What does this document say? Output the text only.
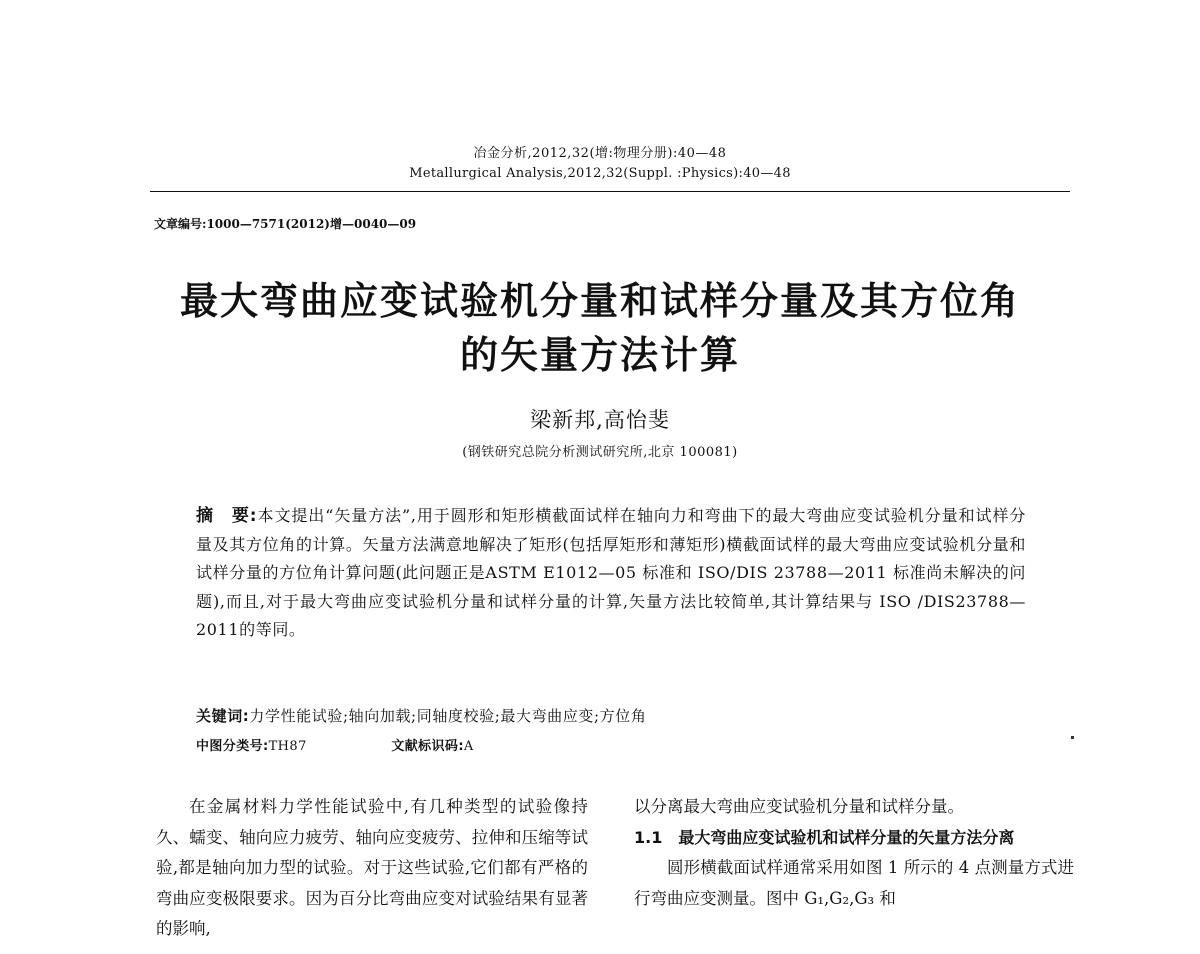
冶金分析,2012,32(增:物理分册):40—48
Metallurgical Analysis,2012,32(Suppl. :Physics):40—48
文章编号:1000—7571(2012)增—0040—09
最大弯曲应变试验机分量和试样分量及其方位角
的矢量方法计算
梁新邦,高怡斐
(钢铁研究总院分析测试研究所,北京 100081)
摘　要:本文提出“矢量方法”,用于圆形和矩形横截面试样在轴向力和弯曲下的最大弯曲应变试验机分量和试样分量及其方位角的计算。矢量方法满意地解决了矩形(包括厚矩形和薄矩形)横截面试样的最大弯曲应变试验机分量和试样分量的方位角计算问题(此问题正是ASTM E1012—05 标准和 ISO/DIS 23788—2011 标准尚未解决的问题),而且,对于最大弯曲应变试验机分量和试样分量的计算,矢量方法比较简单,其计算结果与 ISO /DIS23788—2011的等同。
关键词:力学性能试验;轴向加载;同轴度校验;最大弯曲应变;方位角
中图分类号:TH87	文献标识码:A

在金属材料力学性能试验中,有几种类型的试验像持久、蠕变、轴向应力疲劳、轴向应变疲劳、拉伸和压缩等试验,都是轴向加力型的试验。对于这些试验,它们都有严格的弯曲应变极限要求。因为百分比弯曲应变对试验结果有显著的影响,

以分离最大弯曲应变试验机分量和试样分量。

1.1　最大弯曲应变试验机和试样分量的矢量方法分离

圆形横截面试样通常采用如图 1 所示的 4 点测量方式进行弯曲应变测量。图中 G₁,G₂,G₃ 和
